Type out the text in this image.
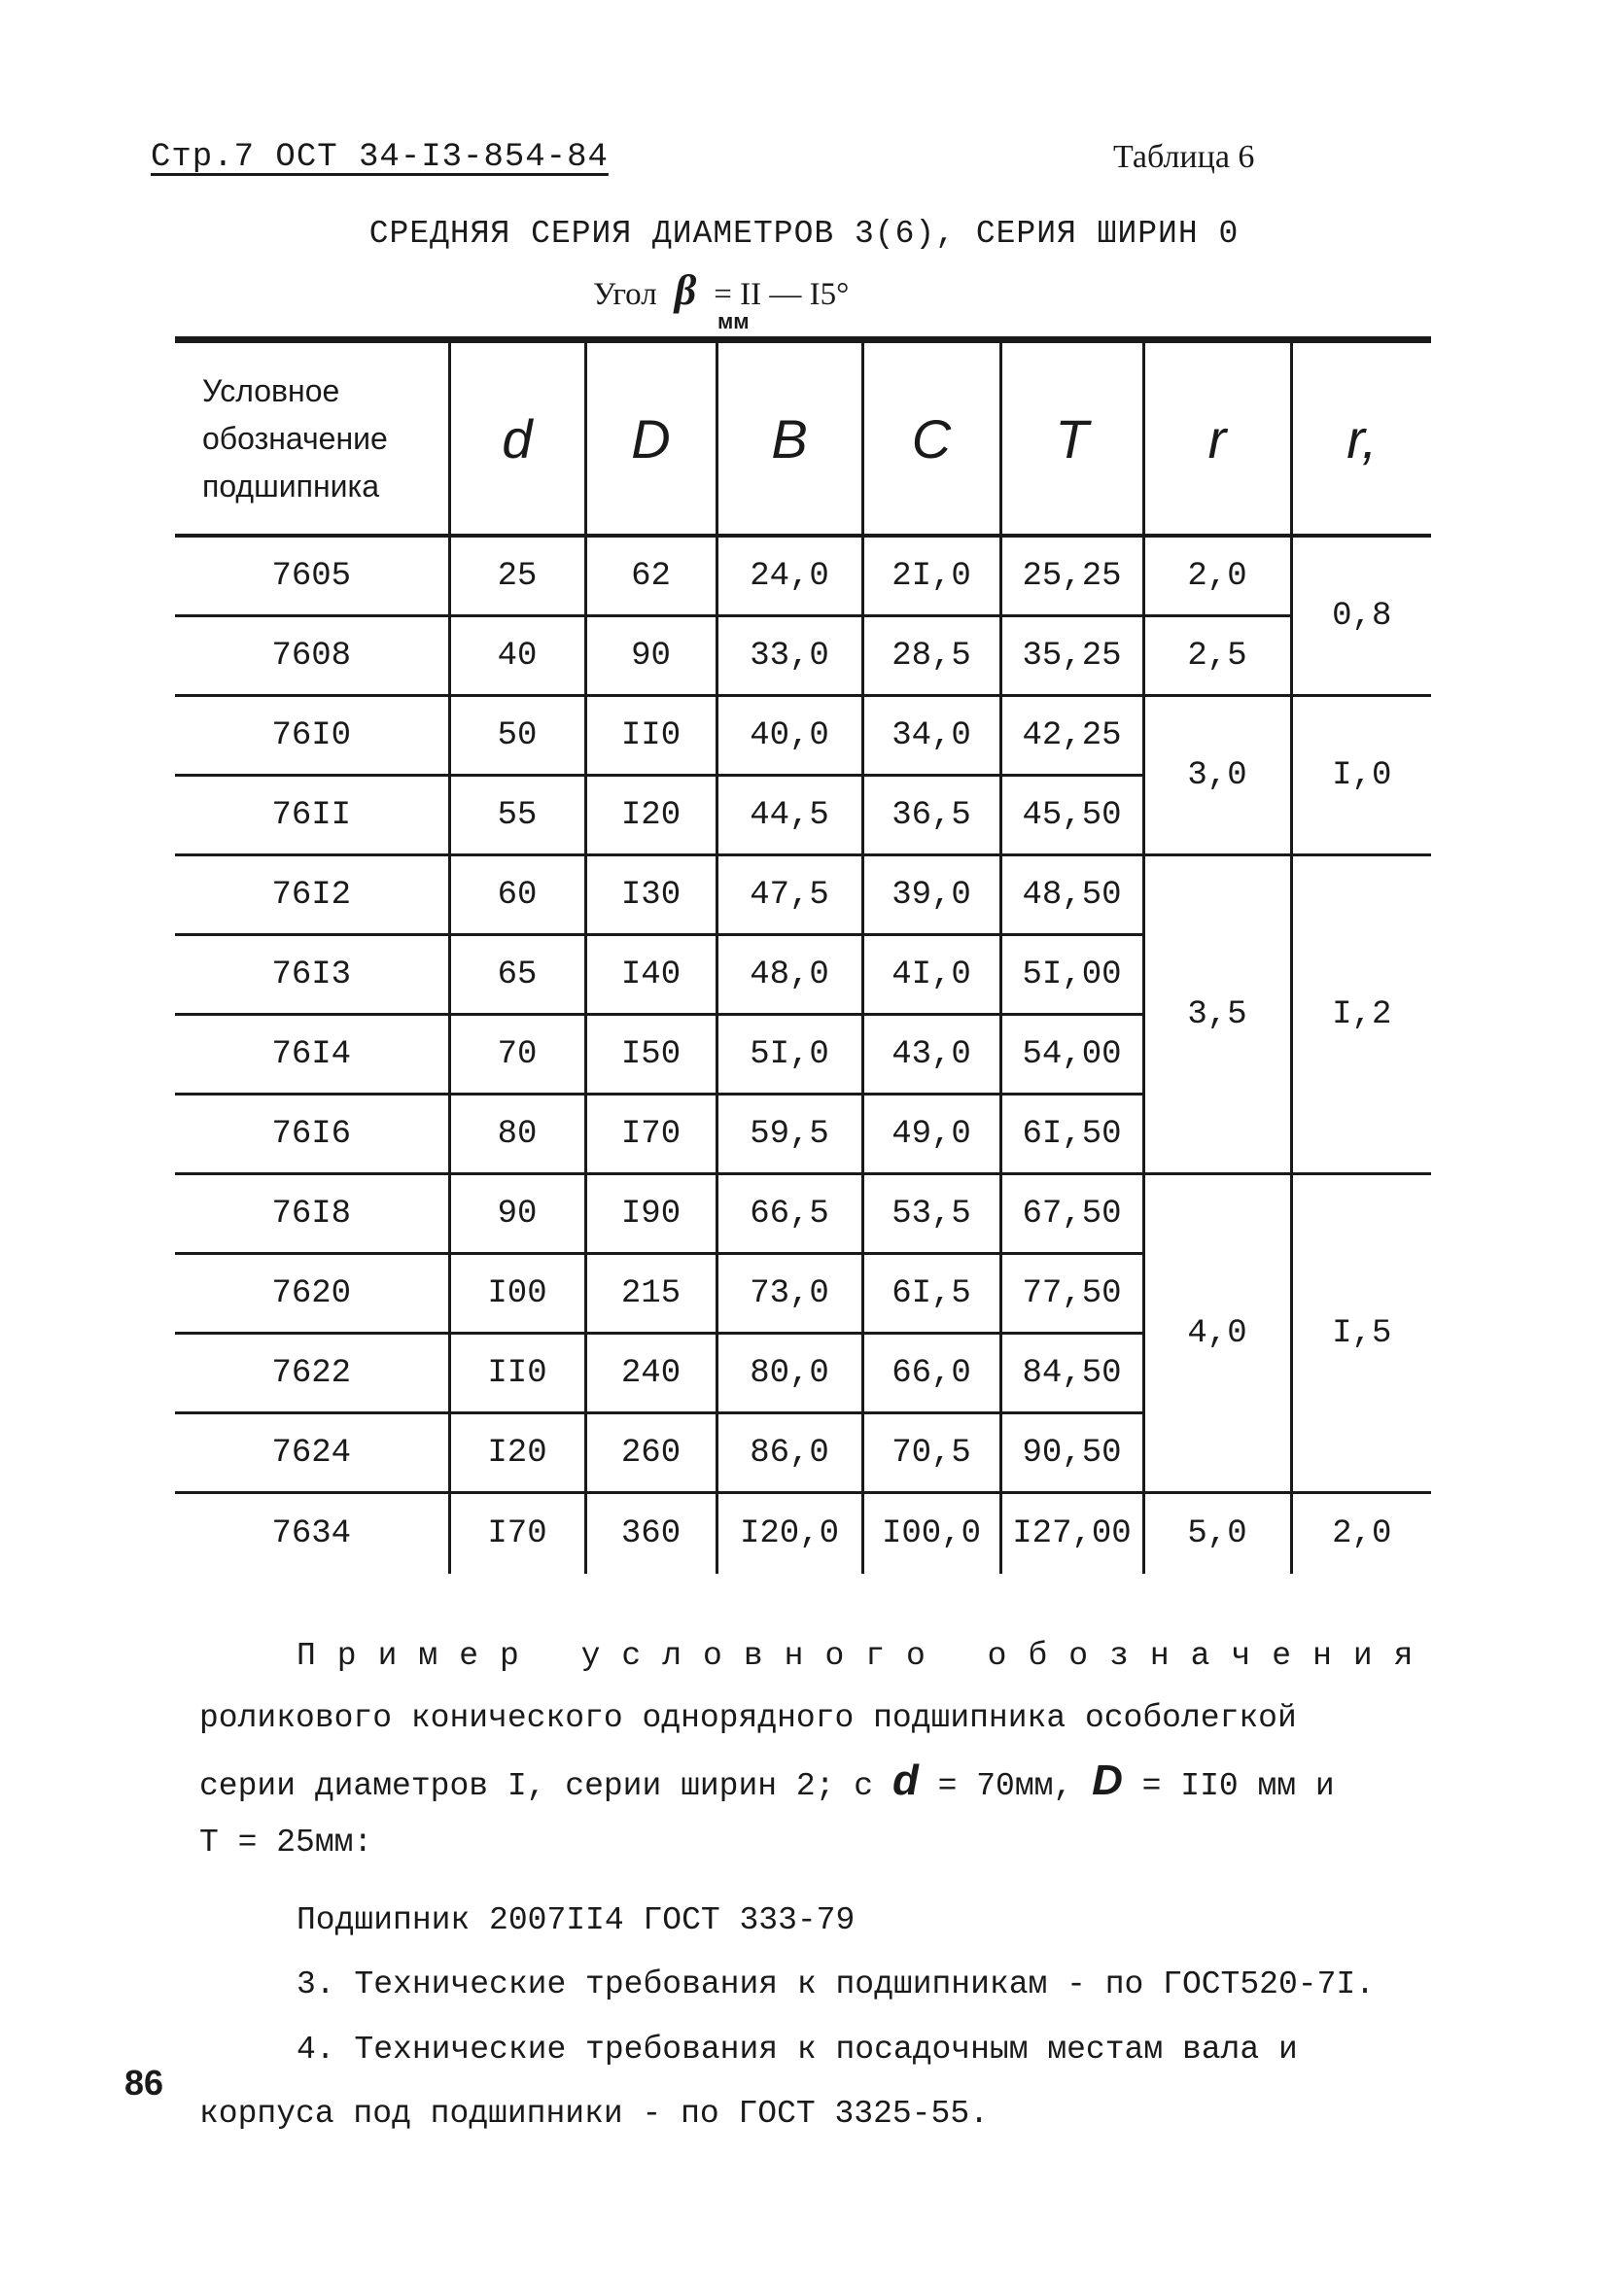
Стр.7 ОСТ 34-I3-854-84	Таблица 6
СРЕДНЯЯ СЕРИЯ ДИАМЕТРОВ 3(6), СЕРИЯ ШИРИН 0
Угол β = II — I5°
мм
Условное обозначение подшипника	d	D	B	C	T	r	r,
7605	25	62	24,0	2I,0	25,25	2,0	0,8
7608	40	90	33,0	28,5	35,25	2,5	
76I0	50	II0	40,0	34,0	42,25	3,0	I,0
76II	55	I20	44,5	36,5	45,50		
76I2	60	I30	47,5	39,0	48,50	3,5	I,2
76I3	65	I40	48,0	4I,0	5I,00		
76I4	70	I50	5I,0	43,0	54,00		
76I6	80	I70	59,5	49,0	6I,50		
76I8	90	I90	66,5	53,5	67,50	4,0	I,5
7620	I00	215	73,0	6I,5	77,50		
7622	II0	240	80,0	66,0	84,50		
7624	I20	260	86,0	70,5	90,50		
7634	I70	360	I20,0	I00,0	I27,00	5,0	2,0
Пример условного обозначения
роликового конического однорядного подшипника особолегкой
серии диаметров I, серии ширин 2; с d = 70мм, D = II0 мм и
Т = 25мм:
Подшипник 2007II4 ГОСТ 333-79
3. Технические требования к подшипникам - по ГОСТ520-7I.
4. Технические требования к посадочным местам вала и
корпуса под подшипники - по ГОСТ 3325-55.
86
